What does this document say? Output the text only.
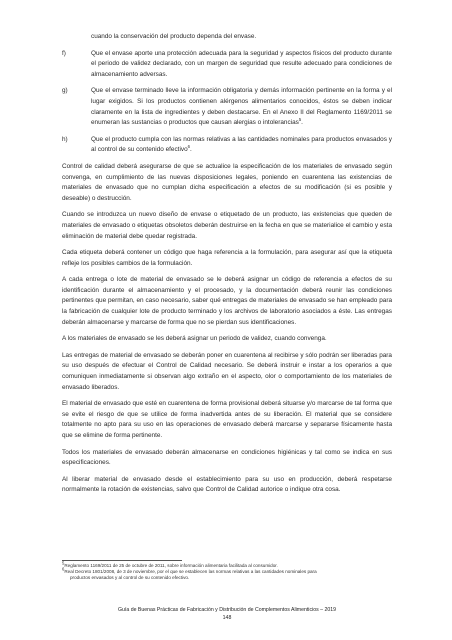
cuando la conservación del producto dependa del envase.

f)	Que el envase aporte una protección adecuada para la seguridad y aspectos físicos del producto durante el periodo de validez declarado, con un margen de seguridad que resulte adecuado para condiciones de almacenamiento adversas.
g)	Que el envase terminado lleve la información obligatoria y demás información pertinente en la forma y el lugar exigidos. Si los productos contienen alérgenos alimentarios conocidos, éstos se deben indicar claramente en la lista de ingredientes y deben destacarse. En el Anexo II del Reglamento 1169/2011 se enumeran las sustancias o productos que causan alergias o intolerancias$^5$.
h)	Que el producto cumpla con las normas relativas a las cantidades nominales para productos envasados y al control de su contenido efectivo$^6$.

Control de calidad deberá asegurarse de que se actualice la especificación de los materiales de envasado según convenga, en cumplimiento de las nuevas disposiciones legales, poniendo en cuarentena las existencias de materiales de envasado que no cumplan dicha especificación a efectos de su modificación (si es posible y deseable) o destrucción.

Cuando se introduzca un nuevo diseño de envase o etiquetado de un producto, las existencias que queden de materiales de envasado o etiquetas obsoletos deberán destruirse en la fecha en que se materialice el cambio y esta eliminación de material debe quedar registrada.

Cada etiqueta deberá contener un código que haga referencia a la formulación, para asegurar así que la etiqueta refleje los posibles cambios de la formulación.

A cada entrega o lote de material de envasado se le deberá asignar un código de referencia a efectos de su identificación durante el almacenamiento y el procesado, y la documentación deberá reunir las condiciones pertinentes que permitan, en caso necesario, saber qué entregas de materiales de envasado se han empleado para la fabricación de cualquier lote de producto terminado y los archivos de laboratorio asociados a éste. Las entregas deberán almacenarse y marcarse de forma que no se pierdan sus identificaciones.

A los materiales de envasado se les deberá asignar un periodo de validez, cuando convenga.

Las entregas de material de envasado se deberán poner en cuarentena al recibirse y sólo podrán ser liberadas para su uso después de efectuar el Control de Calidad necesario. Se deberá instruir e instar a los operarios a que comuniquen inmediatamente si observan algo extraño en el aspecto, olor o comportamiento de los materiales de envasado liberados.

El material de envasado que esté en cuarentena de forma provisional deberá situarse y/o marcarse de tal forma que se evite el riesgo de que se utilice de forma inadvertida antes de su liberación. El material que se considere totalmente no apto para su uso en las operaciones de envasado deberá marcarse y separarse físicamente hasta que se elimine de forma pertinente.

Todos los materiales de envasado deberán almacenarse en condiciones higiénicas y tal como se indica en sus especificaciones.

Al liberar material de envasado desde el establecimiento para su uso en producción, deberá respetarse normalmente la rotación de existencias, salvo que Control de Calidad autorice o indique otra cosa.

$^5$Reglamento 1169/2011 de 25 de octubre de 2011, sobre información alimentaria facilitada al consumidor.

$^6$Real Decreto 1801/2008, de 3 de noviembre, por el que se establecen las normas relativas a las cantidades nominales para
productos envasados y al control de su contenido efectivo.

Guía de Buenas Prácticas de Fabricación y Distribución de Complementos Alimenticios – 2019
148
